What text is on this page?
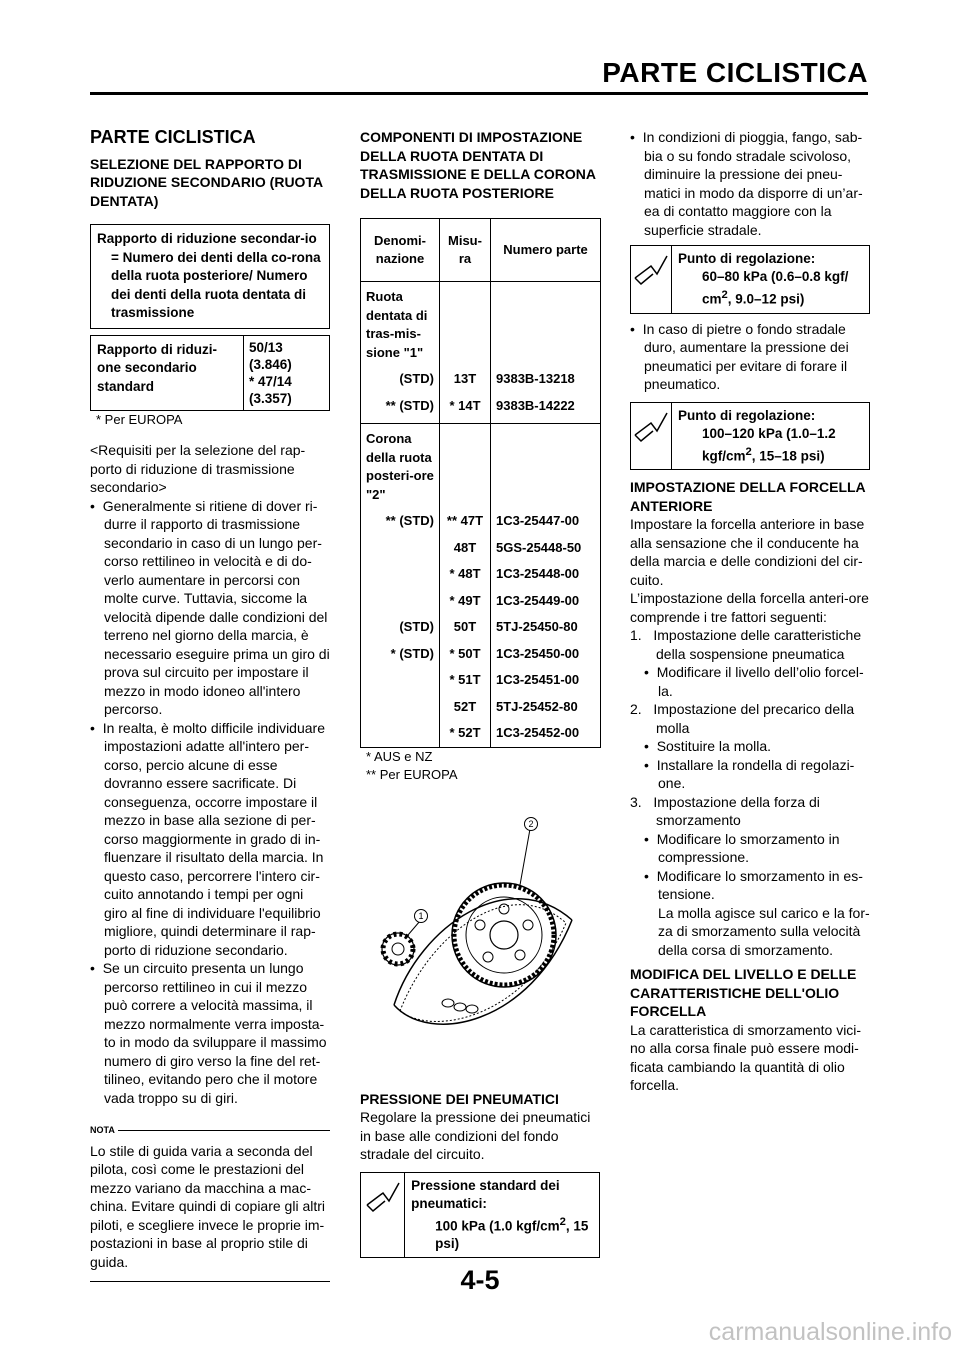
PARTE CICLISTICA
PARTE CICLISTICA

SELEZIONE DEL RAPPORTO DI RIDUZIONE SECONDARIO (RUOTA DENTATA)

Rapporto di riduzione secondar-io = Numero dei denti della co-rona della ruota posteriore/ Numero dei denti della ruota dentata di trasmissione
Rapporto di riduzi-one secondario standard
50/13
(3.846)
* 47/14
(3.357)
* Per EUROPA

<Requisiti per la selezione del rap-porto di riduzione di trasmissione secondario>

• Generalmente si ritiene di dover ri-durre il rapporto di trasmissione secondario in caso di un lungo per-corso rettilineo in velocità e di do-verlo aumentare in percorsi con molte curve. Tuttavia, siccome la velocità dipende dalle condizioni del terreno nel giorno della marcia, è necessario eseguire prima un giro di prova sul circuito per impostare il mezzo in modo idoneo all'intero percorso.
• In realta, è molto difficile individuare impostazioni adatte all'intero per-corso, percio alcune di esse dovranno essere sacrificate. Di conseguenza, occorre impostare il mezzo in base alla sezione di per-corso maggiormente in grado di in-fluenzare il risultato della marcia. In questo caso, percorrere l'intero cir-cuito annotando i tempi per ogni giro al fine di individuare l'equilibrio migliore, quindi determinare il rap-porto di riduzione secondario.
• Se un circuito presenta un lungo percorso rettilineo in cui il mezzo può correre a velocità massima, il mezzo normalmente verra imposta-to in modo da sviluppare il massimo numero di giro verso la fine del ret-tilineo, evitando pero che il motore vada troppo su di giri.
NOTA

Lo stile di guida varia a seconda del pilota, così come le prestazioni del mezzo variano da macchina a mac-china. Evitare quindi di copiare gli altri piloti, e scegliere invece le proprie im-postazioni in base al proprio stile di guida.

COMPONENTI DI IMPOSTAZIONE DELLA RUOTA DENTATA DI TRASMISSIONE E DELLA CORONA DELLA RUOTA POSTERIORE

Denomi-nazione	Misu-ra	Numero parte
Ruota dentata di tras-mis-sione "1"		
(STD)	13T	9383B-13218
** (STD)	* 14T	9383B-14222
Corona della ruota posteri-ore "2"		
** (STD)	** 47T	1C3-25447-00
	48T	5GS-25448-50
	* 48T	1C3-25448-00
	* 49T	1C3-25449-00
(STD)	50T	5TJ-25450-80
* (STD)	* 50T	1C3-25450-00
	* 51T	1C3-25451-00
	52T	5TJ-25452-80
	* 52T	1C3-25452-00
* AUS e NZ
** Per EUROPA
1
2

PRESSIONE DEI PNEUMATICI

Regolare la pressione dei pneumatici in base alle condizioni del fondo stradale del circuito.

Pressione standard dei pneumatici:
100 kPa (1.0 kgf/$cm^2$, 15 psi)
• In condizioni di pioggia, fango, sab-bia o su fondo stradale scivoloso, diminuire la pressione dei pneu-matici in modo da disporre di un’ar-ea di contatto maggiore con la superficie stradale.
Punto di regolazione:
60–80 kPa (0.6–0.8 kgf/ $cm^2$, 9.0–12 psi)
• In caso di pietre o fondo stradale duro, aumentare la pressione dei pneumatici per evitare di forare il pneumatico.
Punto di regolazione:
100–120 kPa (1.0–1.2 kgf/$cm^2$, 15–18 psi)

IMPOSTAZIONE DELLA FORCELLA ANTERIORE

Impostare la forcella anteriore in base alla sensazione che il conducente ha della marcia e delle condizioni del cir-cuito.

L’impostazione della forcella anteri-ore comprende i tre fattori seguenti:

1. Impostazione delle caratteristiche della sospensione pneumatica
• Modificare il livello dell’olio forcel-la.
2. Impostazione del precarico della molla
• Sostituire la molla.
• Installare la rondella di regolazi-one.
3. Impostazione della forza di smorzamento
• Modificare lo smorzamento in compressione.
• Modificare lo smorzamento in es-tensione.
La molla agisce sul carico e la for-za di smorzamento sulla velocità della corsa di smorzamento.

MODIFICA DEL LIVELLO E DELLE CARATTERISTICHE DELL'OLIO FORCELLA

La caratteristica di smorzamento vici-no alla corsa finale può essere modi-ficata cambiando la quantità di olio forcella.

4-5
carmanualsonline.info
